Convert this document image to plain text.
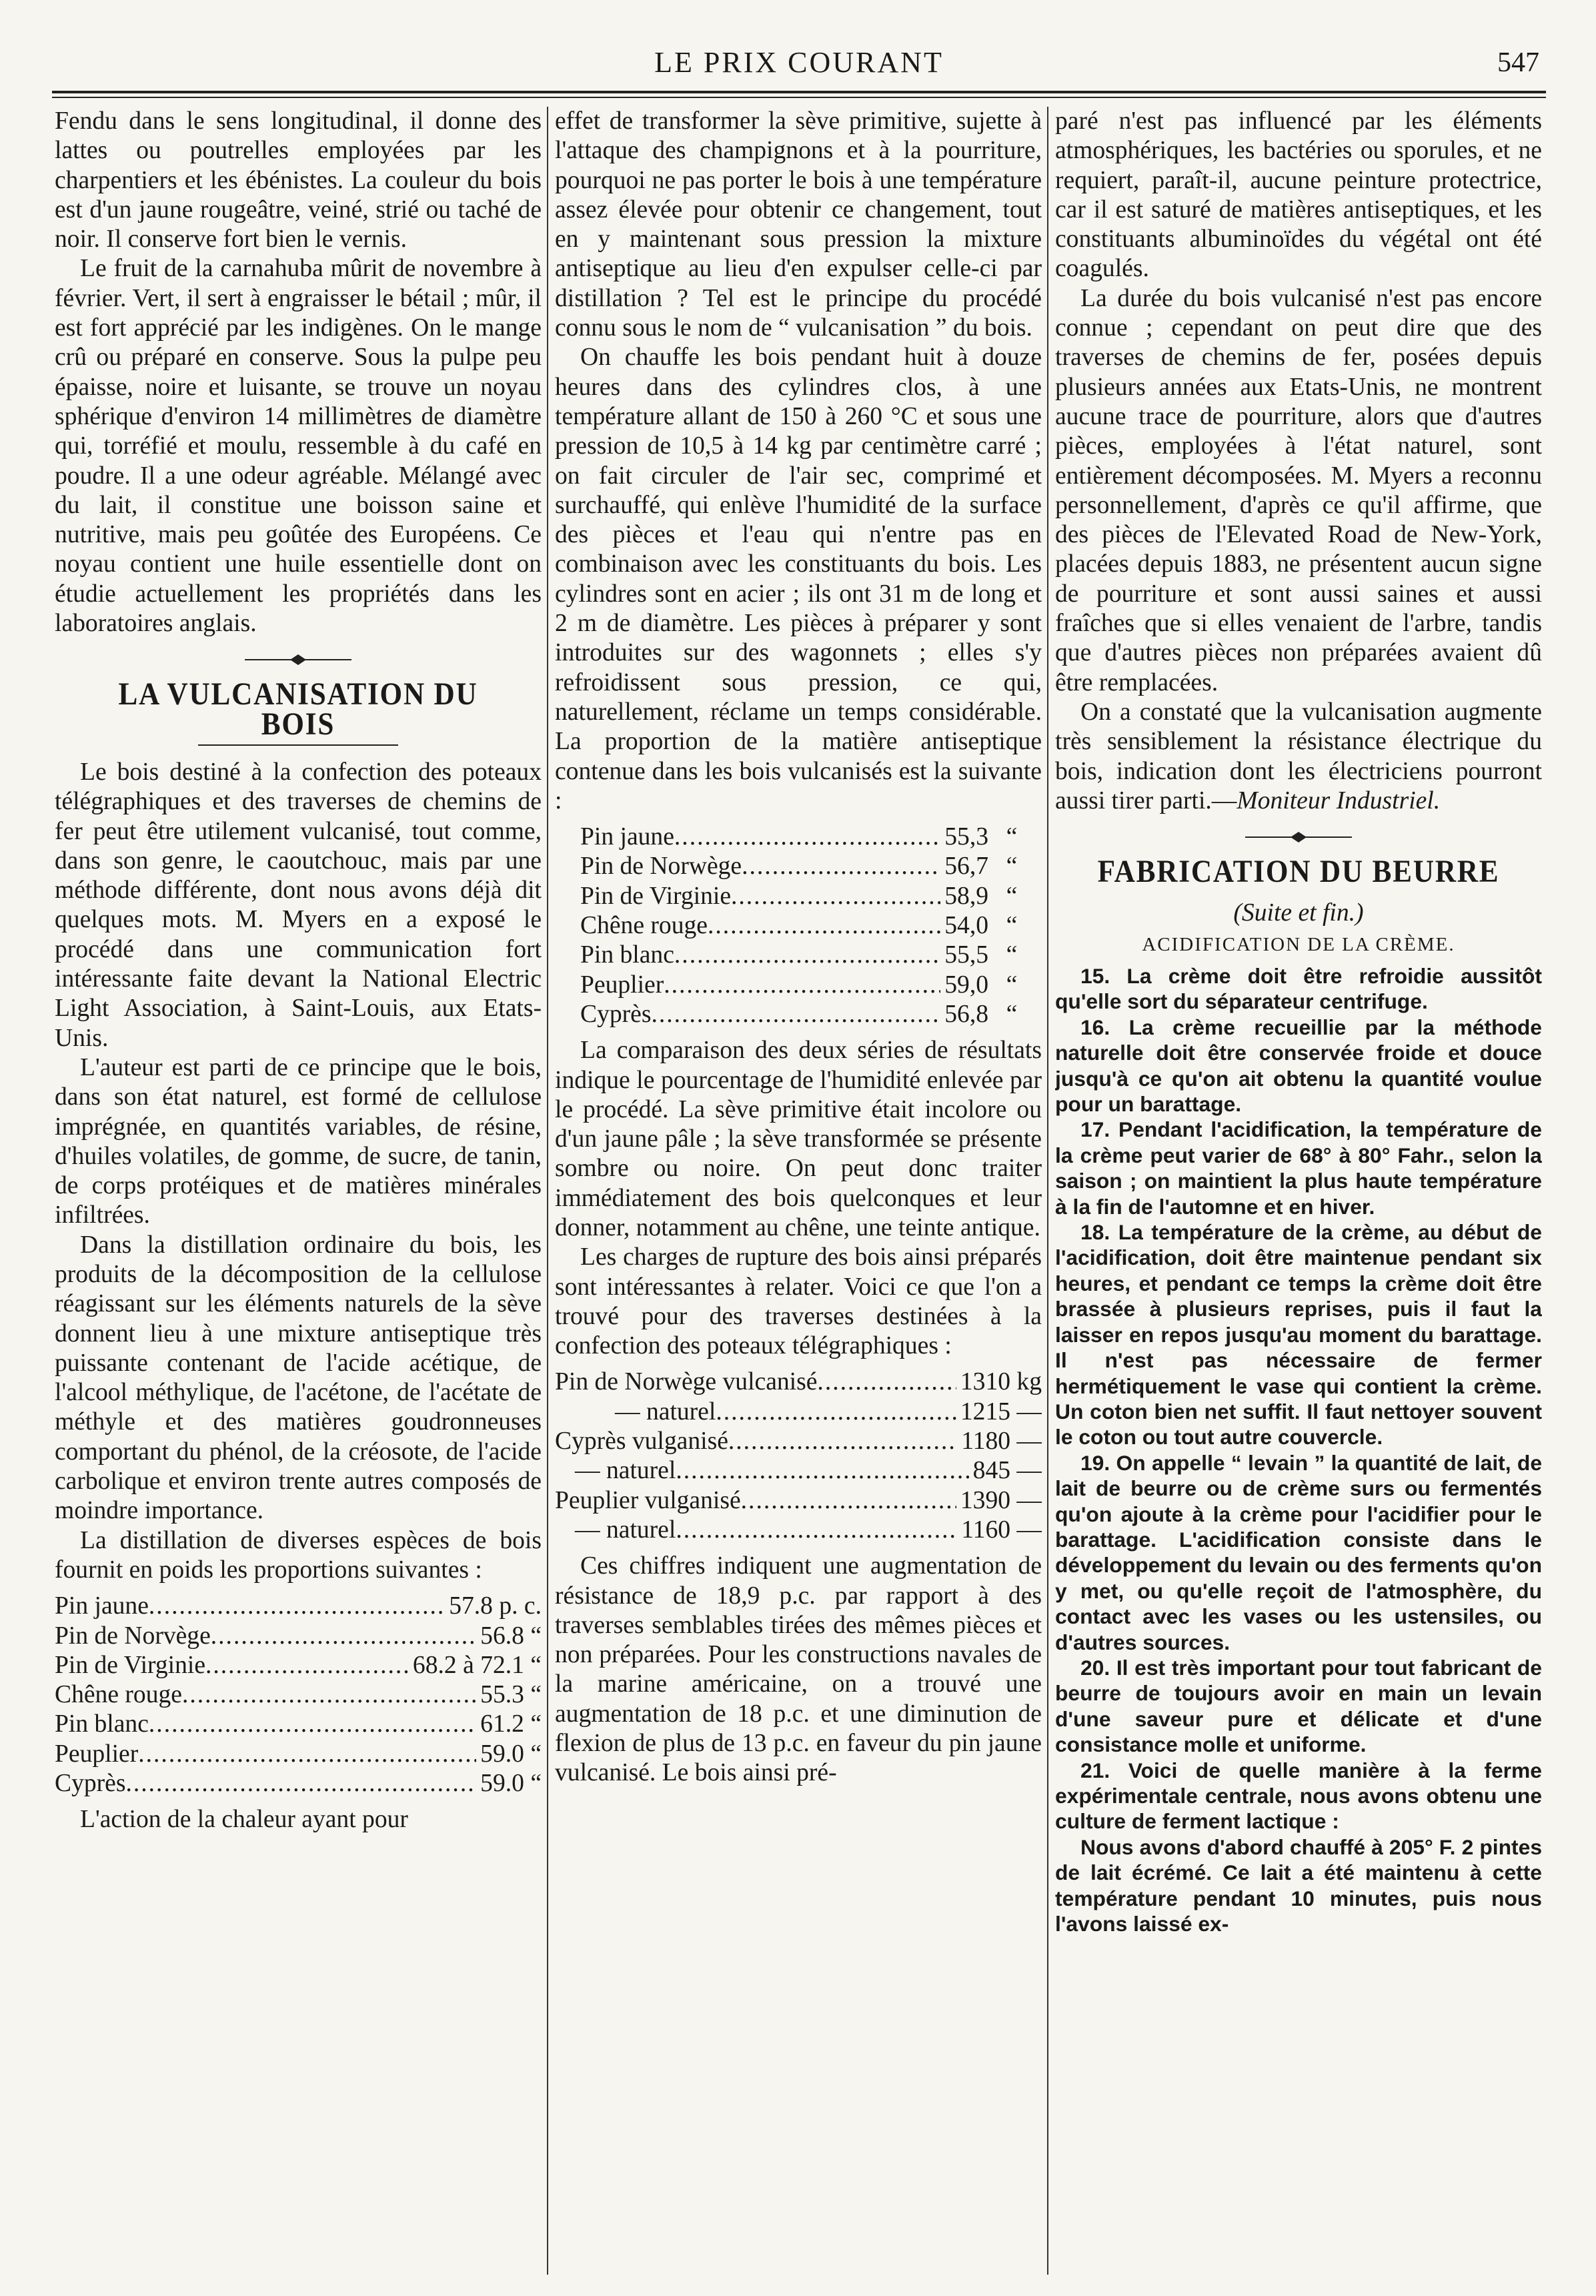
LE PRIX COURANT	547

Fendu dans le sens longitudinal, il donne des lattes ou poutrelles employées par les charpentiers et les ébénistes. La couleur du bois est d'un jaune rougeâtre, veiné, strié ou taché de noir. Il conserve fort bien le vernis.

Le fruit de la carnahuba mûrit de novembre à février. Vert, il sert à engraisser le bétail ; mûr, il est fort apprécié par les indigènes. On le mange crû ou préparé en conserve. Sous la pulpe peu épaisse, noire et luisante, se trouve un noyau sphérique d'environ 14 millimètres de diamètre qui, torréfié et moulu, ressemble à du café en poudre. Il a une odeur agréable. Mélangé avec du lait, il constitue une boisson saine et nutritive, mais peu goûtée des Européens. Ce noyau contient une huile essentielle dont on étudie actuellement les propriétés dans les laboratoires anglais.

LA VULCANISATION DU BOIS

Le bois destiné à la confection des poteaux télégraphiques et des traverses de chemins de fer peut être utilement vulcanisé, tout comme, dans son genre, le caoutchouc, mais par une méthode différente, dont nous avons déjà dit quelques mots. M. Myers en a exposé le procédé dans une communication fort intéressante faite devant la National Electric Light Association, à Saint-Louis, aux Etats-Unis.

L'auteur est parti de ce principe que le bois, dans son état naturel, est formé de cellulose imprégnée, en quantités variables, de résine, d'huiles volatiles, de gomme, de sucre, de tanin, de corps protéiques et de matières minérales infiltrées.

Dans la distillation ordinaire du bois, les produits de la décomposition de la cellulose réagissant sur les éléments naturels de la sève donnent lieu à une mixture antiseptique très puissante contenant de l'acide acétique, de l'alcool méthylique, de l'acétone, de l'acétate de méthyle et des matières goudronneuses comportant du phénol, de la créosote, de l'acide carbolique et environ trente autres composés de moindre importance.

La distillation de diverses espèces de bois fournit en poids les proportions suivantes :

Pin jaune .....	57.8 p. c.
Pin de Norvège .....	56.8 “
Pin de Virginie .....	68.2 à 72.1 “
Chêne rouge .....	55.3 “
Pin blanc .....	61.2 “
Peuplier .....	59.0 “
Cyprès .....	59.0 “

L'action de la chaleur ayant pour

effet de transformer la sève primitive, sujette à l'attaque des champignons et à la pourriture, pourquoi ne pas porter le bois à une température assez élevée pour obtenir ce changement, tout en y maintenant sous pression la mixture antiseptique au lieu d'en expulser celle-ci par distillation ? Tel est le principe du procédé connu sous le nom de “ vulcanisation ” du bois.

On chauffe les bois pendant huit à douze heures dans des cylindres clos, à une température allant de 150 à 260 °C et sous une pression de 10,5 à 14 kg par centimètre carré ; on fait circuler de l'air sec, comprimé et surchauffé, qui enlève l'humidité de la surface des pièces et l'eau qui n'entre pas en combinaison avec les constituants du bois. Les cylindres sont en acier ; ils ont 31 m de long et 2 m de diamètre. Les pièces à préparer y sont introduites sur des wagonnets ; elles s'y refroidissent sous pression, ce qui, naturellement, réclame un temps considérable. La proportion de la matière antiseptique contenue dans les bois vulcanisés est la suivante :

Pin jaune .....	55,3 “
Pin de Norwège .....	56,7 “
Pin de Virginie .....	58,9 “
Chêne rouge .....	54,0 “
Pin blanc .....	55,5 “
Peuplier .....	59,0 “
Cyprès .....	56,8 “

La comparaison des deux séries de résultats indique le pourcentage de l'humidité enlevée par le procédé. La sève primitive était incolore ou d'un jaune pâle ; la sève transformée se présente sombre ou noire. On peut donc traiter immédiatement des bois quelconques et leur donner, notamment au chêne, une teinte antique.

Les charges de rupture des bois ainsi préparés sont intéressantes à relater. Voici ce que l'on a trouvé pour des traverses destinées à la confection des poteaux télégraphiques :

Pin de Norwège vulcanisé .....	1310 kg
— naturel .....	1215 —
Cyprès vulganisé .....	1180 —
— naturel .....	845 —
Peuplier vulganisé .....	1390 —
— naturel .....	1160 —

Ces chiffres indiquent une augmentation de résistance de 18,9 p.c. par rapport à des traverses semblables tirées des mêmes pièces et non préparées. Pour les constructions navales de la marine américaine, on a trouvé une augmentation de 18 p.c. et une diminution de flexion de plus de 13 p.c. en faveur du pin jaune vulcanisé. Le bois ainsi pré-

paré n'est pas influencé par les éléments atmosphériques, les bactéries ou sporules, et ne requiert, paraît-il, aucune peinture protectrice, car il est saturé de matières antiseptiques, et les constituants albuminoïdes du végétal ont été coagulés.

La durée du bois vulcanisé n'est pas encore connue ; cependant on peut dire que des traverses de chemins de fer, posées depuis plusieurs années aux Etats-Unis, ne montrent aucune trace de pourriture, alors que d'autres pièces, employées à l'état naturel, sont entièrement décomposées. M. Myers a reconnu personnellement, d'après ce qu'il affirme, que des pièces de l'Elevated Road de New-York, placées depuis 1883, ne présentent aucun signe de pourriture et sont aussi saines et aussi fraîches que si elles venaient de l'arbre, tandis que d'autres pièces non préparées avaient dû être remplacées.

On a constaté que la vulcanisation augmente très sensiblement la résistance électrique du bois, indication dont les électriciens pourront aussi tirer parti.—Moniteur Industriel.

FABRICATION DU BEURRE
(Suite et fin.)
ACIDIFICATION DE LA CRÈME.

15. La crème doit être refroidie aussitôt qu'elle sort du séparateur centrifuge.

16. La crème recueillie par la méthode naturelle doit être conservée froide et douce jusqu'à ce qu'on ait obtenu la quantité voulue pour un barattage.

17. Pendant l'acidification, la température de la crème peut varier de 68° à 80° Fahr., selon la saison ; on maintient la plus haute température à la fin de l'automne et en hiver.

18. La température de la crème, au début de l'acidification, doit être maintenue pendant six heures, et pendant ce temps la crème doit être brassée à plusieurs reprises, puis il faut la laisser en repos jusqu'au moment du barattage. Il n'est pas nécessaire de fermer hermétiquement le vase qui contient la crème. Un coton bien net suffit. Il faut nettoyer souvent le coton ou tout autre couvercle.

19. On appelle “ levain ” la quantité de lait, de lait de beurre ou de crème surs ou fermentés qu'on ajoute à la crème pour l'acidifier pour le barattage. L'acidification consiste dans le développement du levain ou des ferments qu'on y met, ou qu'elle reçoit de l'atmosphère, du contact avec les vases ou les ustensiles, ou d'autres sources.

20. Il est très important pour tout fabricant de beurre de toujours avoir en main un levain d'une saveur pure et délicate et d'une consistance molle et uniforme.

21. Voici de quelle manière à la ferme expérimentale centrale, nous avons obtenu une culture de ferment lactique :

Nous avons d'abord chauffé à 205° F. 2 pintes de lait écrémé. Ce lait a été maintenu à cette température pendant 10 minutes, puis nous l'avons laissé ex-
